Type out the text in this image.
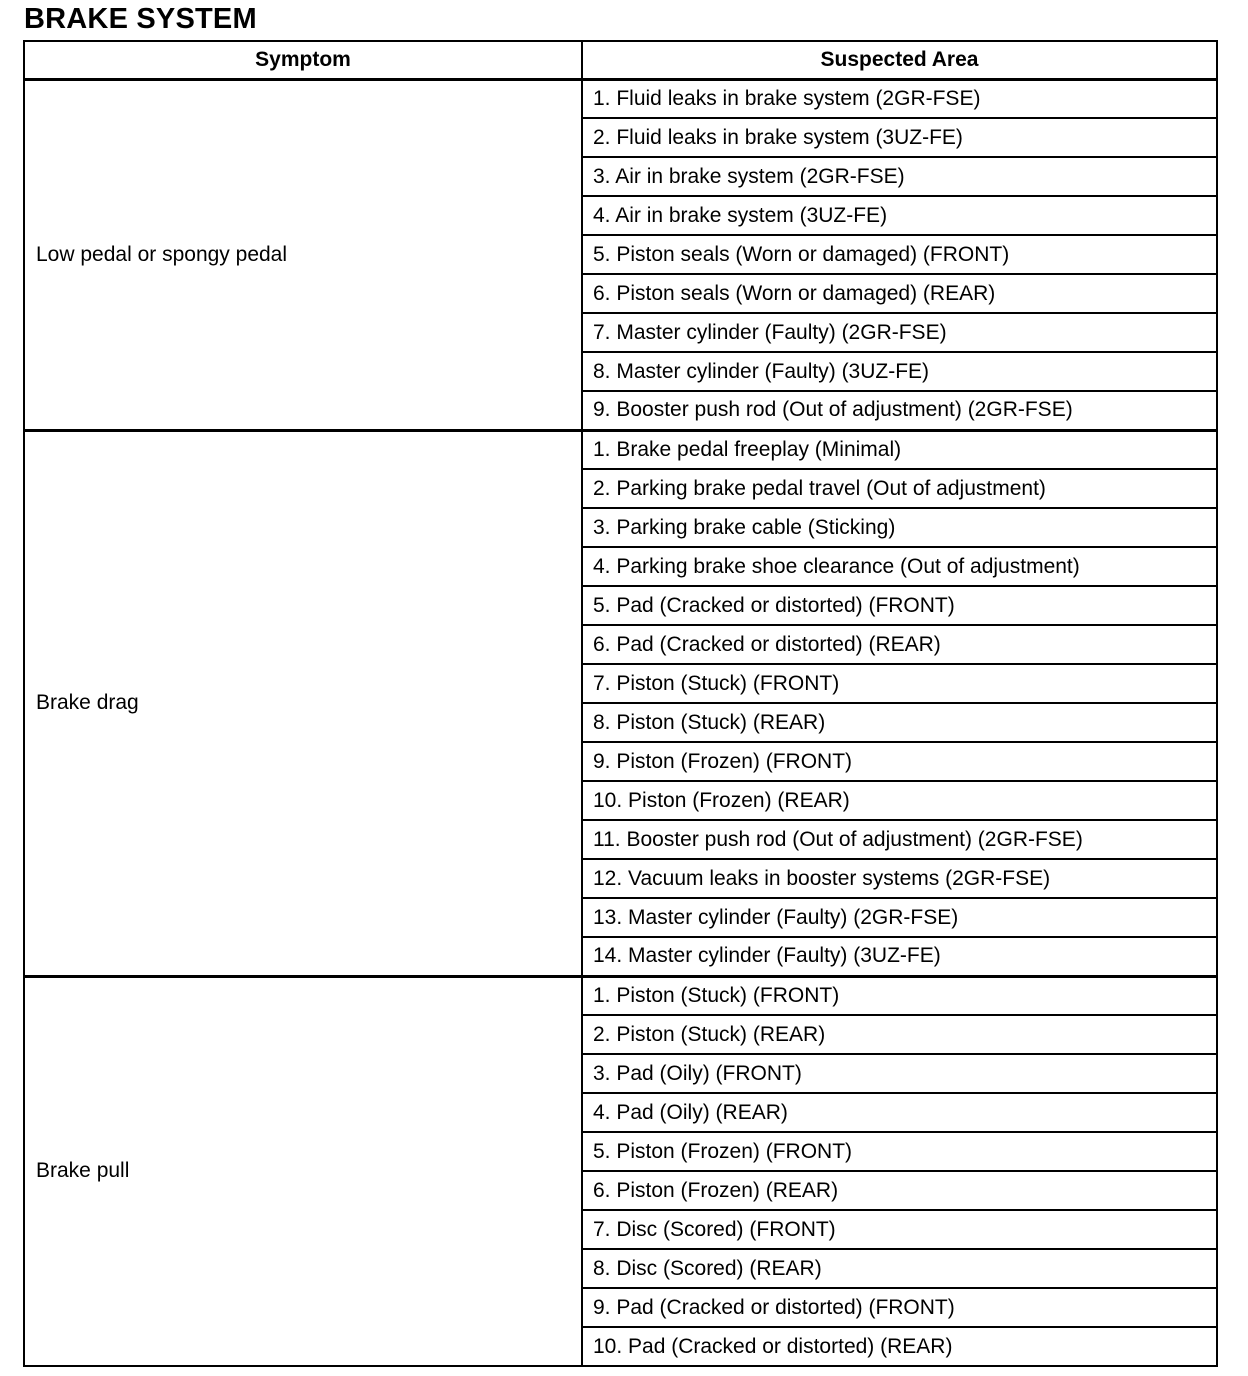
BRAKE SYSTEM
Symptom	Suspected Area
Low pedal or spongy pedal	1. Fluid leaks in brake system (2GR-FSE)
	2. Fluid leaks in brake system (3UZ-FE)
	3. Air in brake system (2GR-FSE)
	4. Air in brake system (3UZ-FE)
	5. Piston seals (Worn or damaged) (FRONT)
	6. Piston seals (Worn or damaged) (REAR)
	7. Master cylinder (Faulty) (2GR-FSE)
	8. Master cylinder (Faulty) (3UZ-FE)
	9. Booster push rod (Out of adjustment) (2GR-FSE)
Brake drag	1. Brake pedal freeplay (Minimal)
	2. Parking brake pedal travel (Out of adjustment)
	3. Parking brake cable (Sticking)
	4. Parking brake shoe clearance (Out of adjustment)
	5. Pad (Cracked or distorted) (FRONT)
	6. Pad (Cracked or distorted) (REAR)
	7. Piston (Stuck) (FRONT)
	8. Piston (Stuck) (REAR)
	9. Piston (Frozen) (FRONT)
	10. Piston (Frozen) (REAR)
	11. Booster push rod (Out of adjustment) (2GR-FSE)
	12. Vacuum leaks in booster systems (2GR-FSE)
	13. Master cylinder (Faulty) (2GR-FSE)
	14. Master cylinder (Faulty) (3UZ-FE)
Brake pull	1. Piston (Stuck) (FRONT)
	2. Piston (Stuck) (REAR)
	3. Pad (Oily) (FRONT)
	4. Pad (Oily) (REAR)
	5. Piston (Frozen) (FRONT)
	6. Piston (Frozen) (REAR)
	7. Disc (Scored) (FRONT)
	8. Disc (Scored) (REAR)
	9. Pad (Cracked or distorted) (FRONT)
	10. Pad (Cracked or distorted) (REAR)
